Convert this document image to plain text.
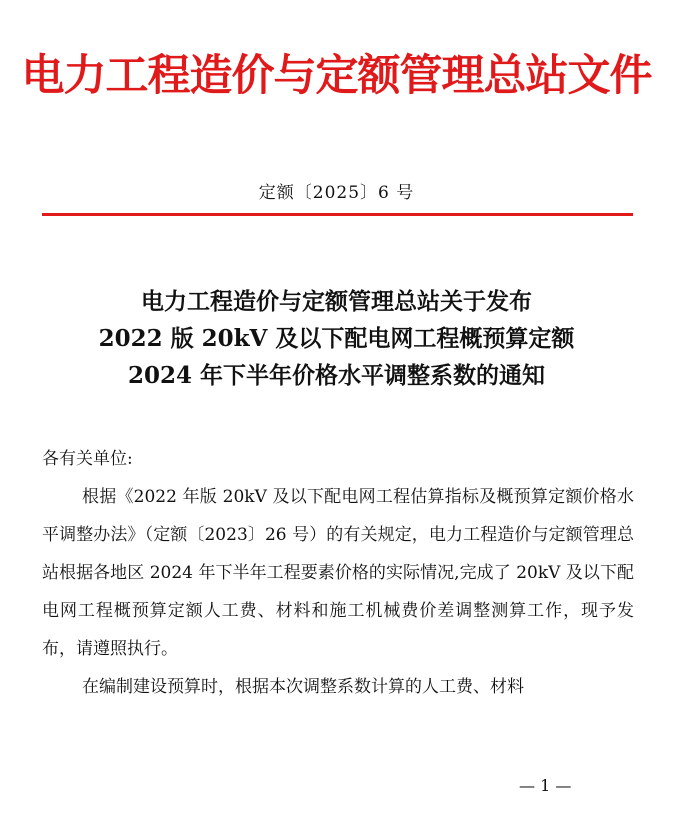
电力工程造价与定额管理总站文件
定额〔2025〕6 号
电力工程造价与定额管理总站关于发布
2022 版 20kV 及以下配电网工程概预算定额
2024 年下半年价格水平调整系数的通知

各有关单位:

根据《2022 年版 20kV 及以下配电网工程估算指标及概预算定额价格水平调整办法》（定额〔2023〕26 号）的有关规定，电力工程造价与定额管理总站根据各地区 2024 年下半年工程要素价格的实际情况,完成了 20kV 及以下配电网工程概预算定额人工费、材料和施工机械费价差调整测算工作，现予发布，请遵照执行。

在编制建设预算时，根据本次调整系数计算的人工费、材料

— 1 —
